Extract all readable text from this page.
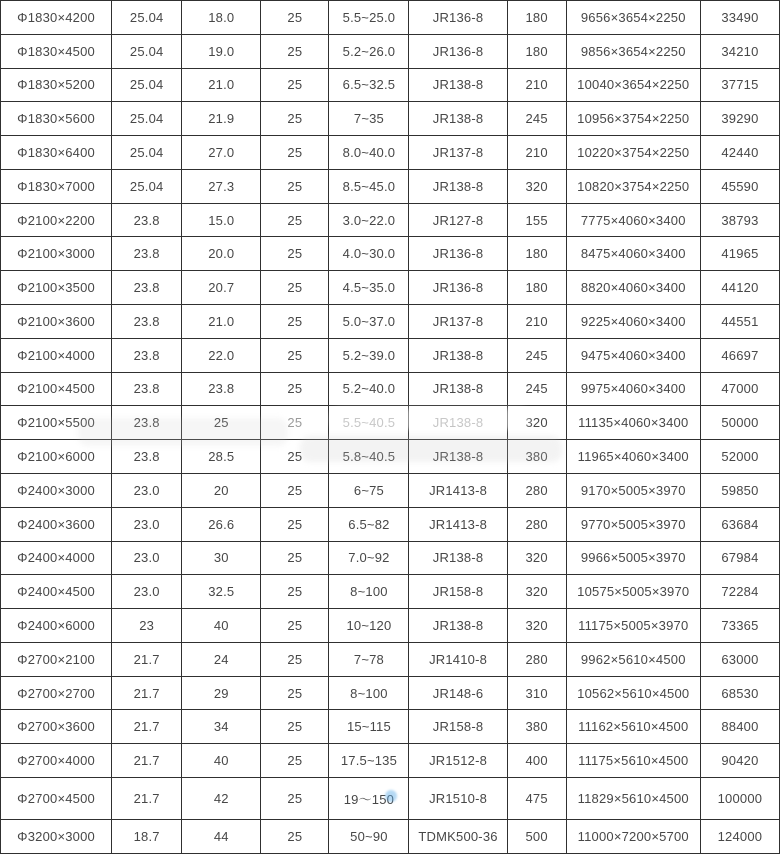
Φ1830×4200	25.04	18.0	25	5.5~25.0	JR136-8	180	9656×3654×2250	33490
Φ1830×4500	25.04	19.0	25	5.2~26.0	JR136-8	180	9856×3654×2250	34210
Φ1830×5200	25.04	21.0	25	6.5~32.5	JR138-8	210	10040×3654×2250	37715
Φ1830×5600	25.04	21.9	25	7~35	JR138-8	245	10956×3754×2250	39290
Φ1830×6400	25.04	27.0	25	8.0~40.0	JR137-8	210	10220×3754×2250	42440
Φ1830×7000	25.04	27.3	25	8.5~45.0	JR138-8	320	10820×3754×2250	45590
Φ2100×2200	23.8	15.0	25	3.0~22.0	JR127-8	155	7775×4060×3400	38793
Φ2100×3000	23.8	20.0	25	4.0~30.0	JR136-8	180	8475×4060×3400	41965
Φ2100×3500	23.8	20.7	25	4.5~35.0	JR136-8	180	8820×4060×3400	44120
Φ2100×3600	23.8	21.0	25	5.0~37.0	JR137-8	210	9225×4060×3400	44551
Φ2100×4000	23.8	22.0	25	5.2~39.0	JR138-8	245	9475×4060×3400	46697
Φ2100×4500	23.8	23.8	25	5.2~40.0	JR138-8	245	9975×4060×3400	47000
Φ2100×5500	23.8	25	25	5.5~40.5	JR138-8	320	11135×4060×3400	50000
Φ2100×6000	23.8	28.5	25	5.8~40.5	JR138-8	380	11965×4060×3400	52000
Φ2400×3000	23.0	20	25	6~75	JR1413-8	280	9170×5005×3970	59850
Φ2400×3600	23.0	26.6	25	6.5~82	JR1413-8	280	9770×5005×3970	63684
Φ2400×4000	23.0	30	25	7.0~92	JR138-8	320	9966×5005×3970	67984
Φ2400×4500	23.0	32.5	25	8~100	JR158-8	320	10575×5005×3970	72284
Φ2400×6000	23	40	25	10~120	JR138-8	320	11175×5005×3970	73365
Φ2700×2100	21.7	24	25	7~78	JR1410-8	280	9962×5610×4500	63000
Φ2700×2700	21.7	29	25	8~100	JR148-6	310	10562×5610×4500	68530
Φ2700×3600	21.7	34	25	15~115	JR158-8	380	11162×5610×4500	88400
Φ2700×4000	21.7	40	25	17.5~135	JR1512-8	400	11175×5610×4500	90420
Φ2700×4500	21.7	42	25	19～150	JR1510-8	475	11829×5610×4500	100000
Φ3200×3000	18.7	44	25	50~90	TDMK500-36	500	11000×7200×5700	124000
